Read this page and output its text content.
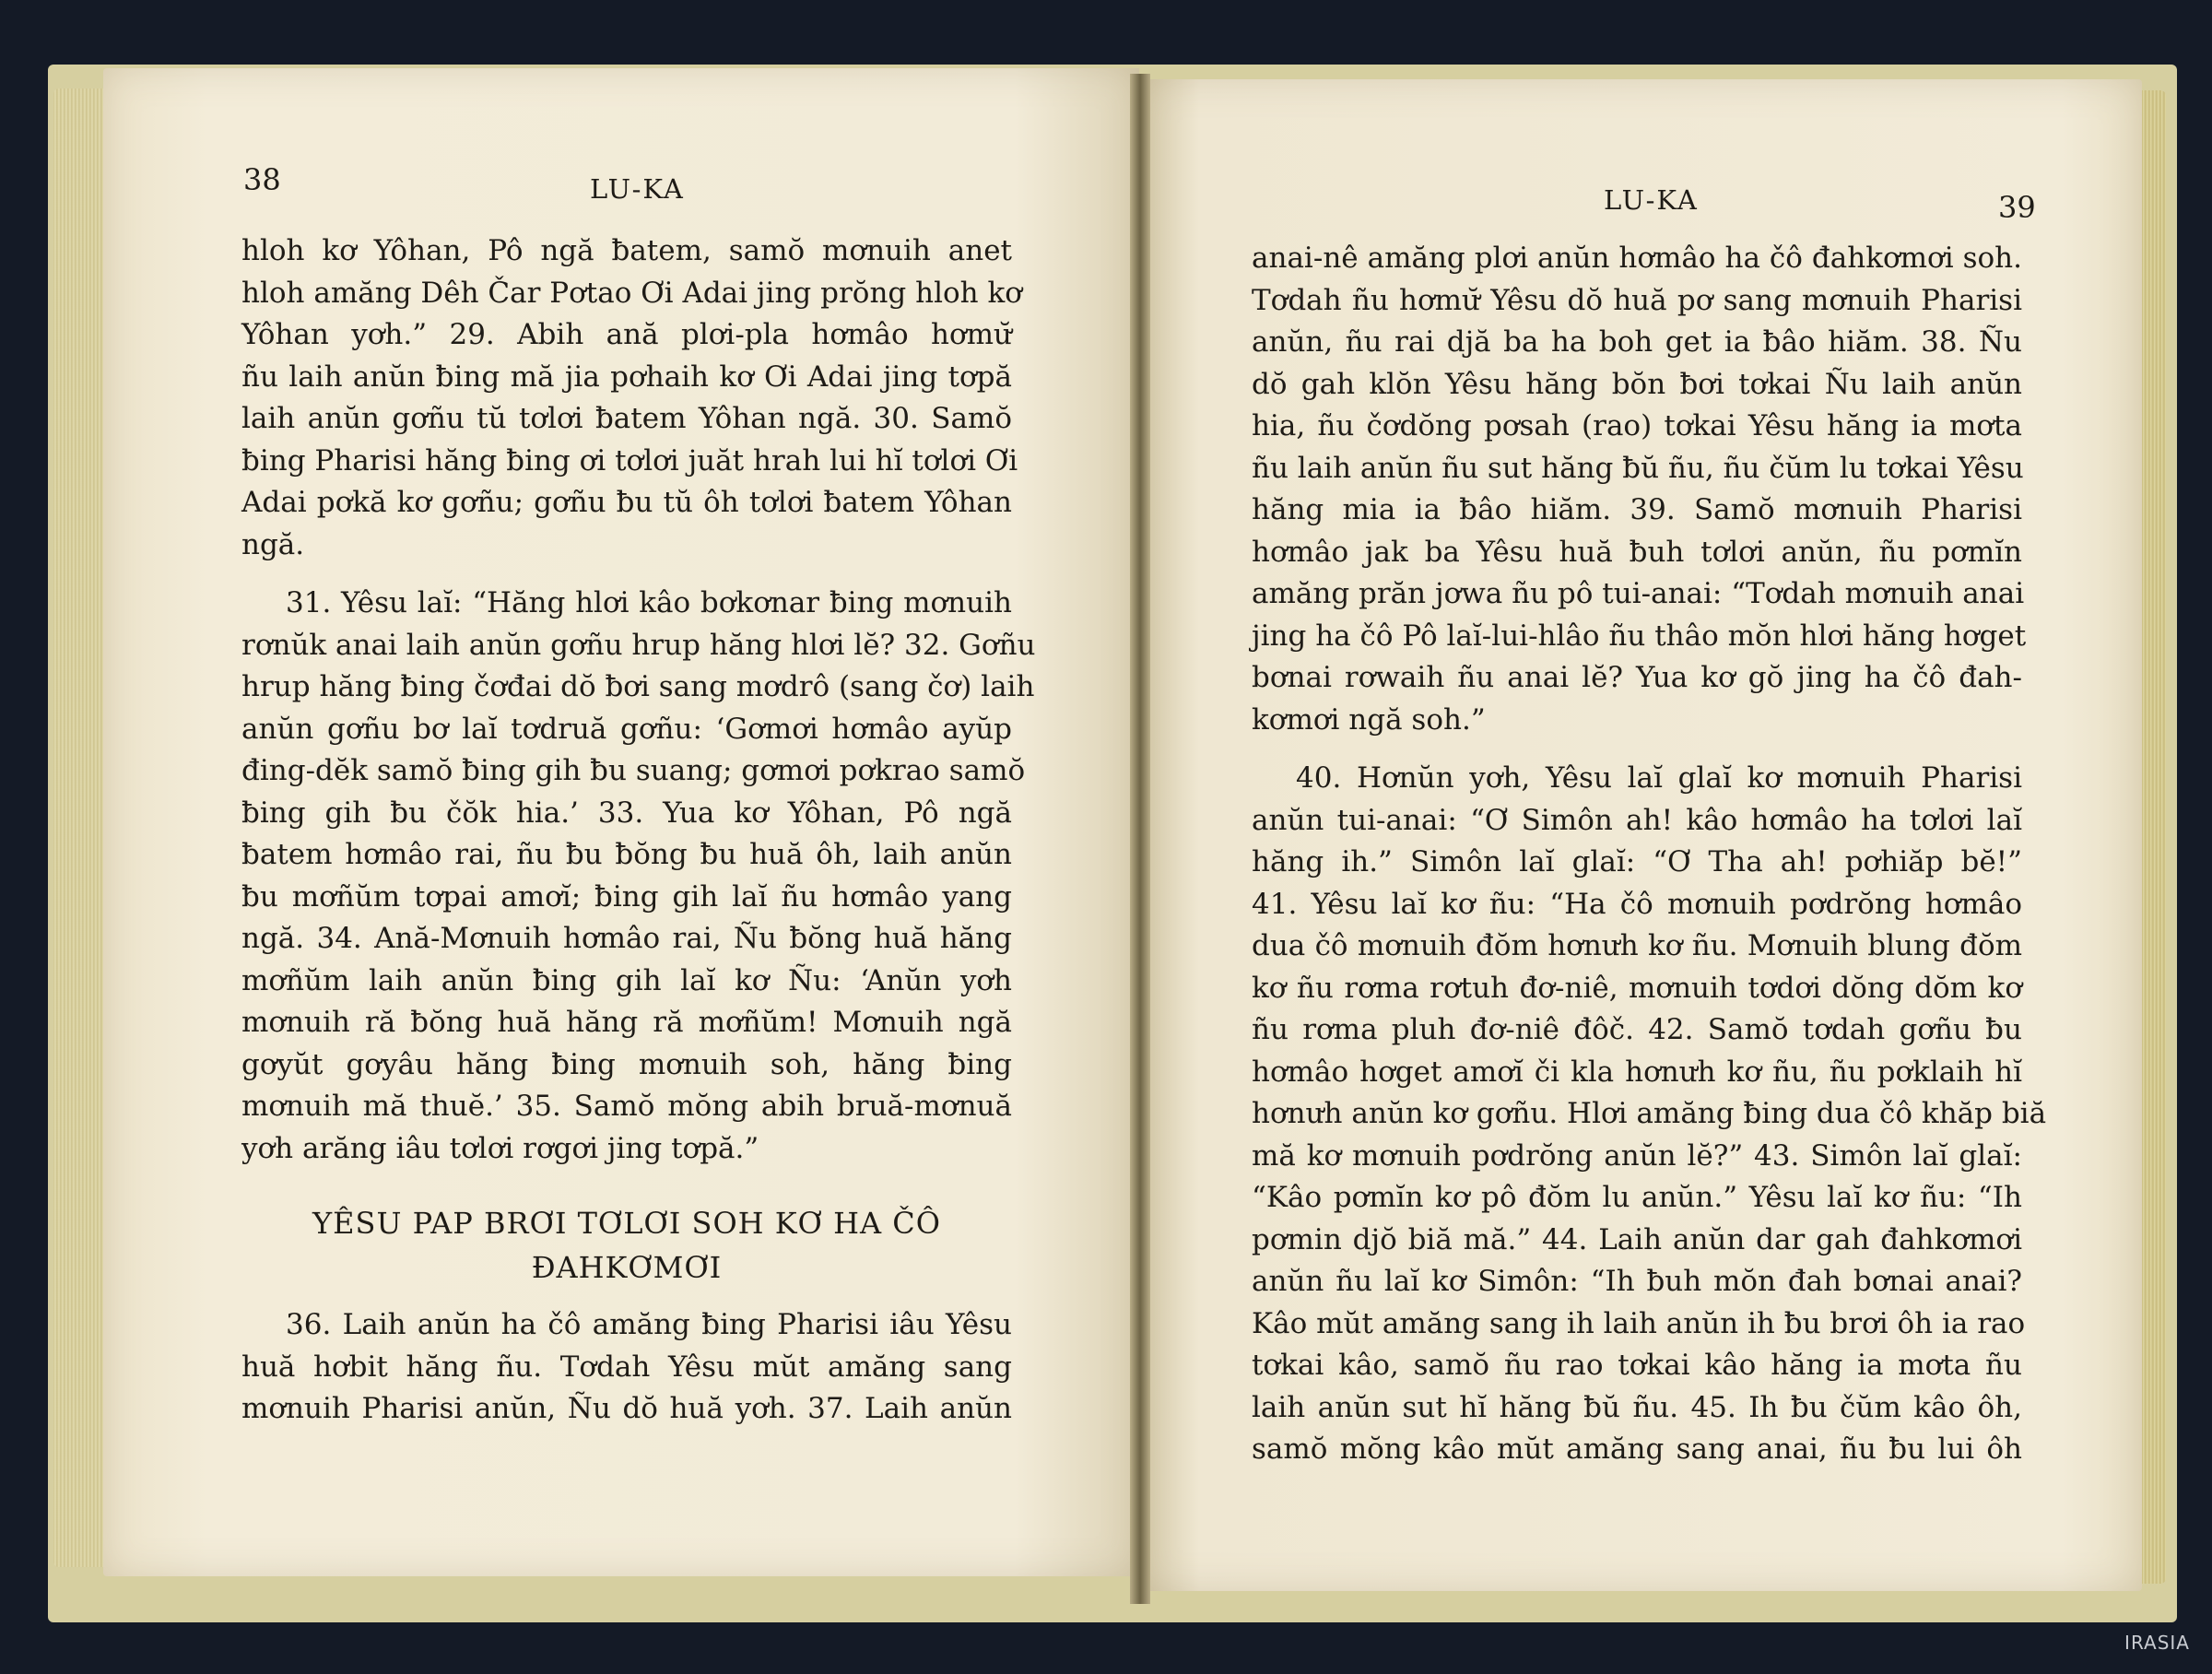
38	LU-KA	LU-KA	39
hloh kơ Yôhan, Pô ngă ƀatem, samŏ mơnuih anet
hloh amăng Dêh Čar Pơtao Ơi Adai jing prŏng hloh kơ
Yôhan yơh.” 29. Abih ană plơi-pla hơmâo hơmư̆
ñu laih anŭn ƀing mă jia pơhaih kơ Ơi Adai jing tơpă
laih anŭn gơñu tŭ tơlơi ƀatem Yôhan ngă. 30. Samŏ
ƀing Pharisi hăng ƀing ơi tơlơi juăt hrah lui hĭ tơlơi Ơi
Adai pơkă kơ gơñu; gơñu ƀu tŭ ôh tơlơi ƀatem Yôhan
ngă.
31. Yêsu laĭ: “Hăng hlơi kâo bơkơnar ƀing mơnuih
rơnŭk anai laih anŭn gơñu hrup hăng hlơi lĕ? 32. Gơñu
hrup hăng ƀing čơđai dŏ ƀơi sang mơdrô (sang čơ) laih
anŭn gơñu bơ laĭ tơdruă gơñu: ‘Gơmơi hơmâo ayŭp
đing-dĕk samŏ ƀing gih ƀu suang; gơmơi pơkrao samŏ
ƀing gih ƀu čŏk hia.’ 33. Yua kơ Yôhan, Pô ngă
ƀatem hơmâo rai, ñu ƀu ƀŏng ƀu huă ôh, laih anŭn
ƀu mơñŭm tơpai amơĭ; ƀing gih laĭ ñu hơmâo yang
ngă. 34. Ană-Mơnuih hơmâo rai, Ñu ƀŏng huă hăng
mơñŭm laih anŭn ƀing gih laĭ kơ Ñu: ‘Anŭn yơh
mơnuih ră ƀŏng huă hăng ră mơñŭm! Mơnuih ngă
gơyŭt gơyâu hăng ƀing mơnuih soh, hăng ƀing
mơnuih mă thuĕ.’ 35. Samŏ mŏng abih bruă-mơnuă
yơh arăng iâu tơlơi rơgơi jing tơpă.”
YÊSU PAP BRƠI TƠLƠI SOH KƠ HA ČÔ
ĐAHKƠMƠI
36. Laih anŭn ha čô amăng ƀing Pharisi iâu Yêsu
huă hơbit hăng ñu. Tơdah Yêsu mŭt amăng sang
mơnuih Pharisi anŭn, Ñu dŏ huă yơh. 37. Laih anŭn
anai-nê amăng plơi anŭn hơmâo ha čô đahkơmơi soh.
Tơdah ñu hơmư̆ Yêsu dŏ huă pơ sang mơnuih Pharisi
anŭn, ñu rai djă ba ha boh get ia ƀâo hiăm. 38. Ñu
dŏ gah klŏn Yêsu hăng bŏn ƀơi tơkai Ñu laih anŭn
hia, ñu čơdŏng pơsah (rao) tơkai Yêsu hăng ia mơta
ñu laih anŭn ñu sut hăng ƀŭ ñu, ñu čŭm lu tơkai Yêsu
hăng mia ia ƀâo hiăm. 39. Samŏ mơnuih Pharisi
hơmâo jak ba Yêsu huă ƀuh tơlơi anŭn, ñu pơmĭn
amăng prăn jơwa ñu pô tui-anai: “Tơdah mơnuih anai
jing ha čô Pô laĭ-lui-hlâo ñu thâo mŏn hlơi hăng hơget
bơnai rơwaih ñu anai lĕ? Yua kơ gŏ jing ha čô đah-
kơmơi ngă soh.”
40. Hơnŭn yơh, Yêsu laĭ glaĭ kơ mơnuih Pharisi
anŭn tui-anai: “Ơ Simôn ah! kâo hơmâo ha tơlơi laĭ
hăng ih.” Simôn laĭ glaĭ: “Ơ Tha ah! pơhiăp bĕ!”
41. Yêsu laĭ kơ ñu: “Ha čô mơnuih pơdrŏng hơmâo
dua čô mơnuih đŏm hơnưh kơ ñu. Mơnuih blung đŏm
kơ ñu rơma rơtuh đơ-niê, mơnuih tơdơi dŏng dŏm kơ
ñu rơma pluh đơ-niê đôč. 42. Samŏ tơdah gơñu ƀu
hơmâo hơget amơĭ či kla hơnưh kơ ñu, ñu pơklaih hĭ
hơnưh anŭn kơ gơñu. Hlơi amăng ƀing dua čô khăp biă
mă kơ mơnuih pơdrŏng anŭn lĕ?” 43. Simôn laĭ glaĭ:
“Kâo pơmĭn kơ pô đŏm lu anŭn.” Yêsu laĭ kơ ñu: “Ih
pơmin djŏ biă mă.” 44. Laih anŭn dar gah đahkơmơi
anŭn ñu laĭ kơ Simôn: “Ih ƀuh mŏn đah bơnai anai?
Kâo mŭt amăng sang ih laih anŭn ih ƀu brơi ôh ia rao
tơkai kâo, samŏ ñu rao tơkai kâo hăng ia mơta ñu
laih anŭn sut hĭ hăng ƀŭ ñu. 45. Ih ƀu čŭm kâo ôh,
samŏ mŏng kâo mŭt amăng sang anai, ñu ƀu lui ôh
IRASIA
